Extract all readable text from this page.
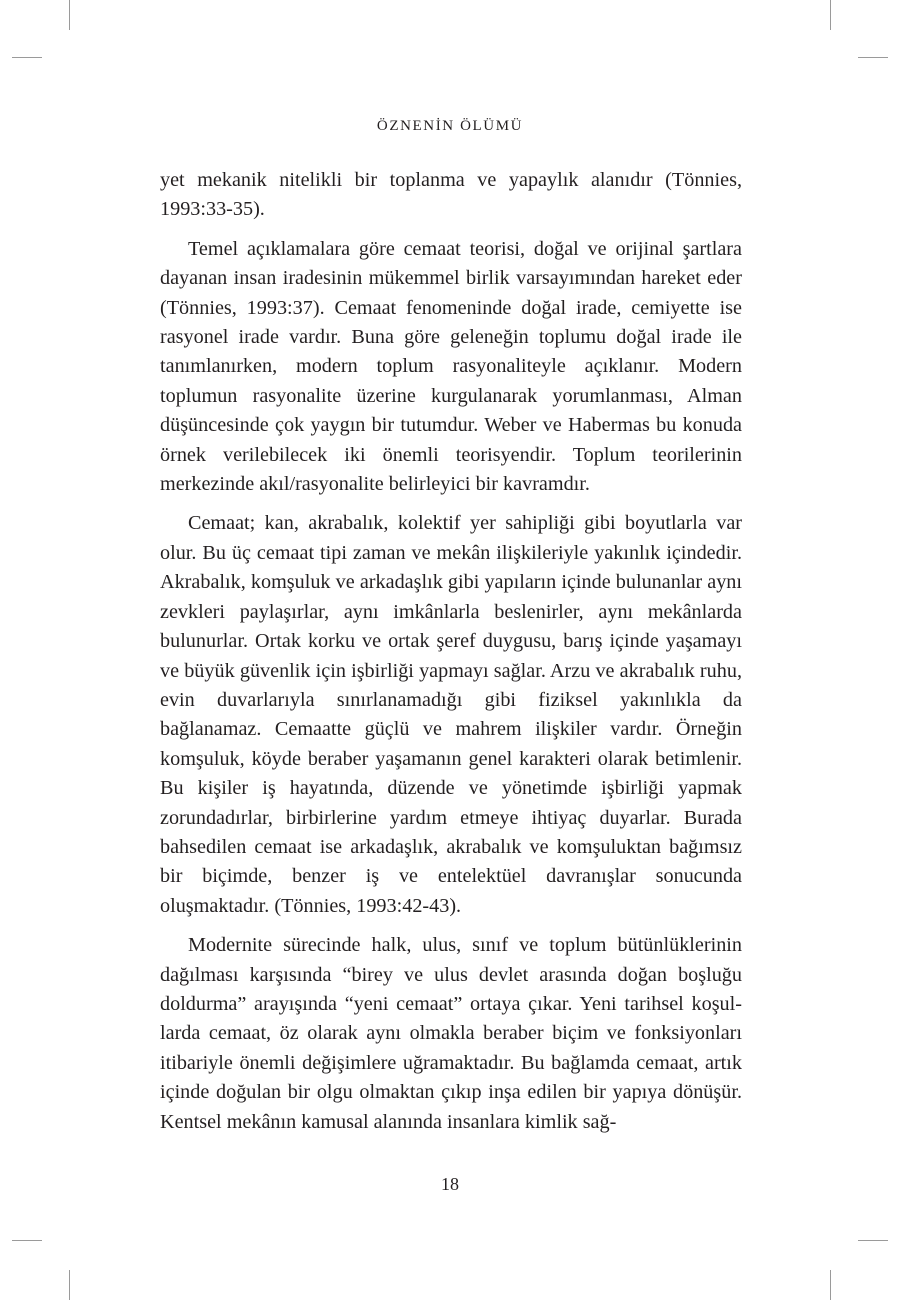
ÖZNENİN ÖLÜMÜ

yet mekanik nitelikli bir toplanma ve yapaylık alanıdır (Tönnies, 1993:33-35).

Temel açıklamalara göre cemaat teorisi, doğal ve orijinal şartlara dayanan insan iradesinin mükemmel birlik varsayımından hareket eder (Tönnies, 1993:37). Cemaat fenomeninde doğal irade, cemiyette ise rasyonel irade vardır. Buna göre geleneğin toplumu doğal irade ile tanımlanırken, modern toplum rasyonaliteyle açıklanır. Modern toplumun rasyonalite üzerine kurgulanarak yorumlanması, Alman düşüncesinde çok yaygın bir tutumdur. Weber ve Habermas bu konuda örnek verilebilecek iki önemli teorisyendir. Toplum teorilerinin merkezinde akıl/rasyonalite belirleyici bir kavramdır.

Cemaat; kan, akrabalık, kolektif yer sahipliği gibi boyutlarla var olur. Bu üç cemaat tipi zaman ve mekân ilişkileriyle yakınlık içindedir. Akrabalık, komşuluk ve arkadaşlık gibi yapıların içinde bulunanlar aynı zevkleri paylaşırlar, aynı imkânlarla beslenirler, aynı mekânlarda bulunurlar. Ortak korku ve ortak şeref duygusu, barış içinde yaşamayı ve büyük güvenlik için işbirliği yapmayı sağlar. Arzu ve akrabalık ruhu, evin duvarlarıyla sınırlanamadığı gibi fiziksel yakınlıkla da bağlanamaz. Cemaatte güçlü ve mahrem ilişkiler vardır. Örneğin komşuluk, köyde beraber yaşamanın genel karakteri olarak betimlenir. Bu kişiler iş hayatında, düzende ve yönetimde işbirliği yapmak zorundadırlar, birbirlerine yardım etmeye ihtiyaç duyarlar. Burada bahsedilen cemaat ise arkadaşlık, akrabalık ve komşuluktan bağımsız bir biçimde, benzer iş ve entelektüel davranışlar sonucunda oluşmaktadır. (Tönnies, 1993:42-43).

Modernite sürecinde halk, ulus, sınıf ve toplum bütünlüklerinin dağılması karşısında “birey ve ulus devlet arasında doğan boşluğu doldurma” arayışında “yeni cemaat” ortaya çıkar. Yeni tarihsel koşullarda cemaat, öz olarak aynı olmakla beraber biçim ve fonksiyonları itibariyle önemli değişimlere uğramaktadır. Bu bağlamda cemaat, artık içinde doğulan bir olgu olmaktan çıkıp inşa edilen bir yapıya dönüşür. Kentsel mekânın kamusal alanında insanlara kimlik sağ-

18
